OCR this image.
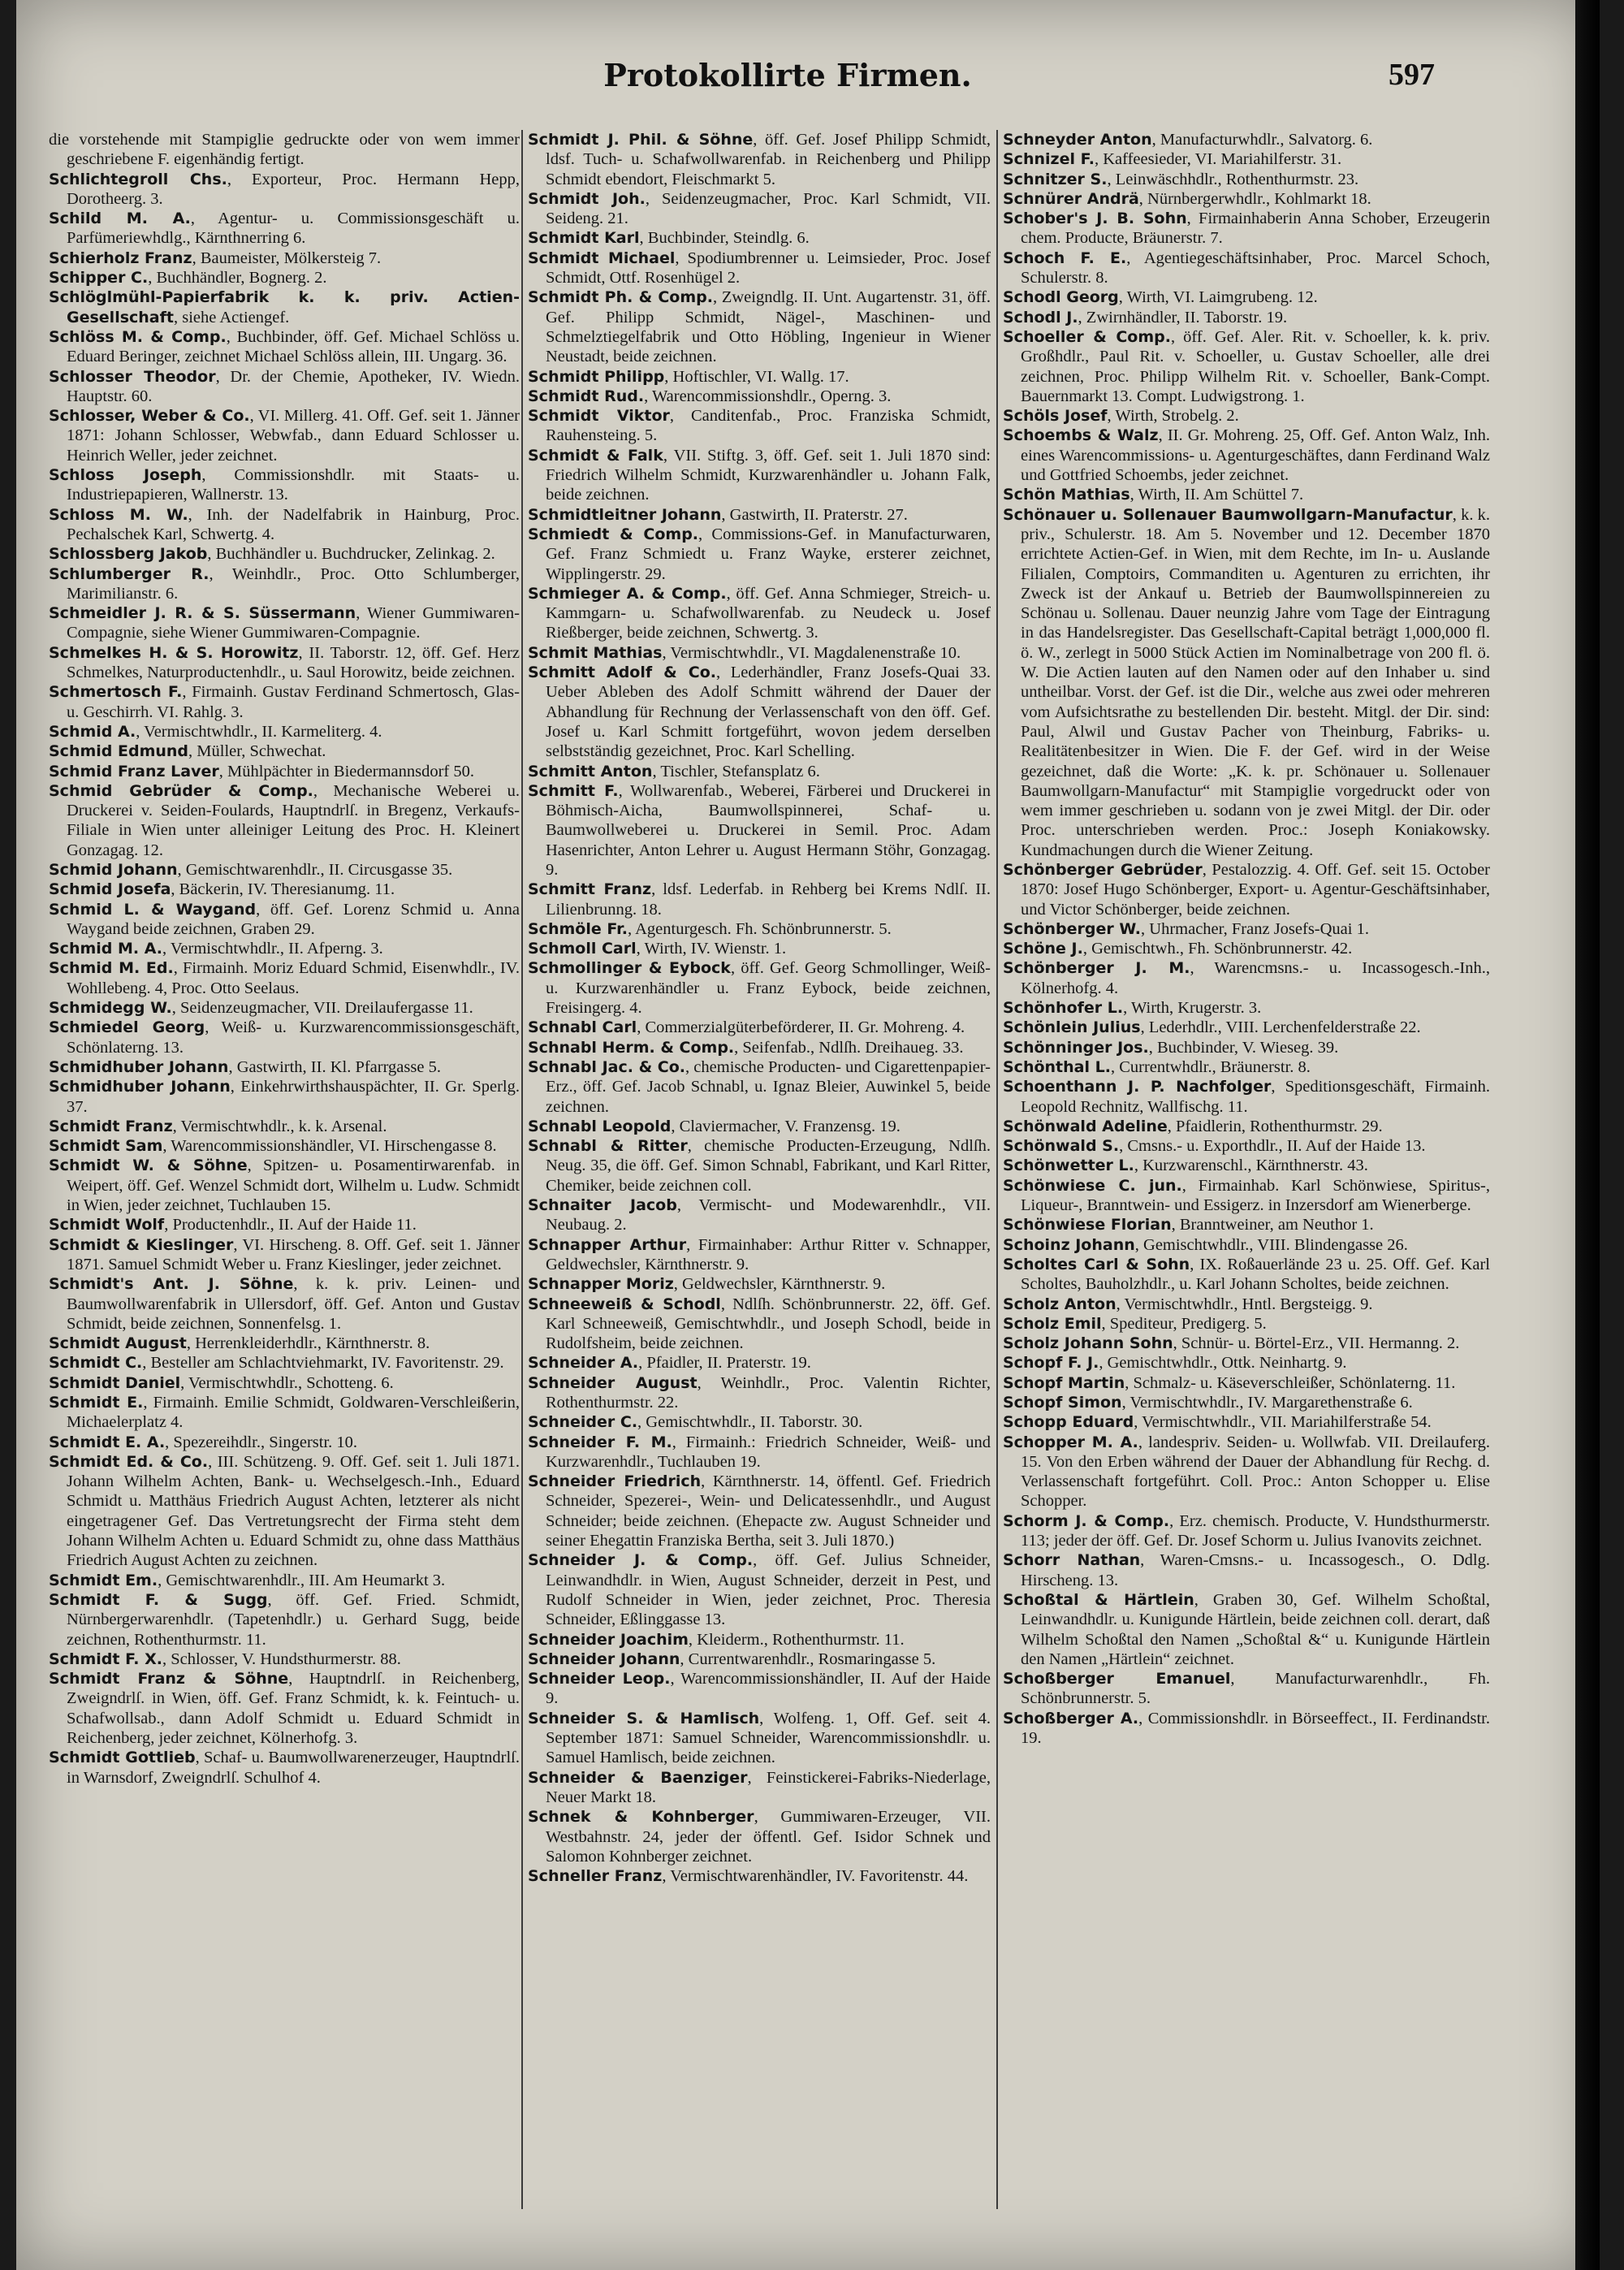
Protokollirte Firmen.	597

die vorstehende mit Stampiglie gedruckte oder von wem immer geschriebene F. eigenhändig fertigt.

Schlichtegroll Chs., Exporteur, Proc. Hermann Hepp, Dorotheerg. 3.

Schild M. A., Agentur- u. Commissionsgeschäft u. Parfümeriewhdlg., Kärnthnerring 6.

Schierholz Franz, Baumeister, Mölkersteig 7.

Schipper C., Buchhändler, Bognerg. 2.

Schlöglmühl-Papierfabrik k. k. priv. Actien-Gesellschaft, siehe Actiengef.

Schlöss M. & Comp., Buchbinder, öff. Gef. Michael Schlöss u. Eduard Beringer, zeichnet Michael Schlöss allein, III. Ungarg. 36.

Schlosser Theodor, Dr. der Chemie, Apotheker, IV. Wiedn. Hauptstr. 60.

Schlosser, Weber & Co., VI. Millerg. 41. Off. Gef. seit 1. Jänner 1871: Johann Schlosser, Webwfab., dann Eduard Schlosser u. Heinrich Weller, jeder zeichnet.

Schloss Joseph, Commissionshdlr. mit Staats- u. Industriepapieren, Wallnerstr. 13.

Schloss M. W., Inh. der Nadelfabrik in Hainburg, Proc. Pechalschek Karl, Schwertg. 4.

Schlossberg Jakob, Buchhändler u. Buchdrucker, Zelinkag. 2.

Schlumberger R., Weinhdlr., Proc. Otto Schlumberger, Marimilianstr. 6.

Schmeidler J. R. & S. Süssermann, Wiener Gummiwaren-Compagnie, siehe Wiener Gummiwaren-Compagnie.

Schmelkes H. & S. Horowitz, II. Taborstr. 12, öff. Gef. Herz Schmelkes, Naturproductenhdlr., u. Saul Horowitz, beide zeichnen.

Schmertosch F., Firmainh. Gustav Ferdinand Schmertosch, Glas- u. Geschirrh. VI. Rahlg. 3.

Schmid A., Vermischtwhdlr., II. Karmeliterg. 4.

Schmid Edmund, Müller, Schwechat.

Schmid Franz Laver, Mühlpächter in Biedermannsdorf 50.

Schmid Gebrüder & Comp., Mechanische Weberei u. Druckerei v. Seiden-Foulards, Hauptndrlſ. in Bregenz, Verkaufs-Filiale in Wien unter alleiniger Leitung des Proc. H. Kleinert Gonzagag. 12.

Schmid Johann, Gemischtwarenhdlr., II. Circusgasse 35.

Schmid Josefa, Bäckerin, IV. Theresianumg. 11.

Schmid L. & Waygand, öff. Gef. Lorenz Schmid u. Anna Waygand beide zeichnen, Graben 29.

Schmid M. A., Vermischtwhdlr., II. Afperng. 3.

Schmid M. Ed., Firmainh. Moriz Eduard Schmid, Eisenwhdlr., IV. Wohllebeng. 4, Proc. Otto Seelaus.

Schmidegg W., Seidenzeugmacher, VII. Dreilaufergasse 11.

Schmiedel Georg, Weiß- u. Kurzwarencommissionsgeschäft, Schönlaterng. 13.

Schmidhuber Johann, Gastwirth, II. Kl. Pfarrgasse 5.

Schmidhuber Johann, Einkehrwirthshauspächter, II. Gr. Sperlg. 37.

Schmidt Franz, Vermischtwhdlr., k. k. Arsenal.

Schmidt Sam, Warencommissionshändler, VI. Hirschengasse 8.

Schmidt W. & Söhne, Spitzen- u. Posamentirwarenfab. in Weipert, öff. Gef. Wenzel Schmidt dort, Wilhelm u. Ludw. Schmidt in Wien, jeder zeichnet, Tuchlauben 15.

Schmidt Wolf, Productenhdlr., II. Auf der Haide 11.

Schmidt & Kieslinger, VI. Hirscheng. 8. Off. Gef. seit 1. Jänner 1871. Samuel Schmidt Weber u. Franz Kieslinger, jeder zeichnet.

Schmidt's Ant. J. Söhne, k. k. priv. Leinen- und Baumwollwarenfabrik in Ullersdorf, öff. Gef. Anton und Gustav Schmidt, beide zeichnen, Sonnenfelsg. 1.

Schmidt August, Herrenkleiderhdlr., Kärnthnerstr. 8.

Schmidt C., Besteller am Schlachtviehmarkt, IV. Favoritenstr. 29.

Schmidt Daniel, Vermischtwhdlr., Schotteng. 6.

Schmidt E., Firmainh. Emilie Schmidt, Goldwaren-Verschleißerin, Michaelerplatz 4.

Schmidt E. A., Spezereihdlr., Singerstr. 10.

Schmidt Ed. & Co., III. Schützeng. 9. Off. Gef. seit 1. Juli 1871. Johann Wilhelm Achten, Bank- u. Wechselgesch.-Inh., Eduard Schmidt u. Matthäus Friedrich August Achten, letzterer als nicht eingetragener Gef. Das Vertretungsrecht der Firma steht dem Johann Wilhelm Achten u. Eduard Schmidt zu, ohne dass Matthäus Friedrich August Achten zu zeichnen.

Schmidt Em., Gemischtwarenhdlr., III. Am Heumarkt 3.

Schmidt F. & Sugg, öff. Gef. Fried. Schmidt, Nürnbergerwarenhdlr. (Tapetenhdlr.) u. Gerhard Sugg, beide zeichnen, Rothenthurmstr. 11.

Schmidt F. X., Schlosser, V. Hundsthurmerstr. 88.

Schmidt Franz & Söhne, Hauptndrlſ. in Reichenberg, Zweigndrlſ. in Wien, öff. Gef. Franz Schmidt, k. k. Feintuch- u. Schafwollsab., dann Adolf Schmidt u. Eduard Schmidt in Reichenberg, jeder zeichnet, Kölnerhofg. 3.

Schmidt Gottlieb, Schaf- u. Baumwollwarenerzeuger, Hauptndrlſ. in Warnsdorf, Zweigndrlſ. Schulhof 4.

Schmidt J. Phil. & Söhne, öff. Gef. Josef Philipp Schmidt, ldsf. Tuch- u. Schafwollwarenfab. in Reichenberg und Philipp Schmidt ebendort, Fleischmarkt 5.

Schmidt Joh., Seidenzeugmacher, Proc. Karl Schmidt, VII. Seideng. 21.

Schmidt Karl, Buchbinder, Steindlg. 6.

Schmidt Michael, Spodiumbrenner u. Leimsieder, Proc. Josef Schmidt, Ottf. Rosenhügel 2.

Schmidt Ph. & Comp., Zweigndlg. II. Unt. Augartenstr. 31, öff. Gef. Philipp Schmidt, Nägel-, Maschinen- und Schmelztiegelfabrik und Otto Höbling, Ingenieur in Wiener Neustadt, beide zeichnen.

Schmidt Philipp, Hoftischler, VI. Wallg. 17.

Schmidt Rud., Warencommissionshdlr., Operng. 3.

Schmidt Viktor, Canditenfab., Proc. Franziska Schmidt, Rauhensteing. 5.

Schmidt & Falk, VII. Stiftg. 3, öff. Gef. seit 1. Juli 1870 sind: Friedrich Wilhelm Schmidt, Kurzwarenhändler u. Johann Falk, beide zeichnen.

Schmidtleitner Johann, Gastwirth, II. Praterstr. 27.

Schmiedt & Comp., Commissions-Gef. in Manufacturwaren, Gef. Franz Schmiedt u. Franz Wayke, ersterer zeichnet, Wipplingerstr. 29.

Schmieger A. & Comp., öff. Gef. Anna Schmieger, Streich- u. Kammgarn- u. Schafwollwarenfab. zu Neudeck u. Josef Rießberger, beide zeichnen, Schwertg. 3.

Schmit Mathias, Vermischtwhdlr., VI. Magdalenenstraße 10.

Schmitt Adolf & Co., Lederhändler, Franz Josefs-Quai 33. Ueber Ableben des Adolf Schmitt während der Dauer der Abhandlung für Rechnung der Verlassenschaft von den öff. Gef. Josef u. Karl Schmitt fortgeführt, wovon jedem derselben selbstständig gezeichnet, Proc. Karl Schelling.

Schmitt Anton, Tischler, Stefansplatz 6.

Schmitt F., Wollwarenfab., Weberei, Färberei und Druckerei in Böhmisch-Aicha, Baumwollspinnerei, Schaf- u. Baumwollweberei u. Druckerei in Semil. Proc. Adam Hasenrichter, Anton Lehrer u. August Hermann Stöhr, Gonzagag. 9.

Schmitt Franz, ldsf. Lederfab. in Rehberg bei Krems Ndlſ. II. Lilienbrunng. 18.

Schmöle Fr., Agenturgesch. Fh. Schönbrunnerstr. 5.

Schmoll Carl, Wirth, IV. Wienstr. 1.

Schmollinger & Eybock, öff. Gef. Georg Schmollinger, Weiß- u. Kurzwarenhändler u. Franz Eybock, beide zeichnen, Freisingerg. 4.

Schnabl Carl, Commerzialgüterbeförderer, II. Gr. Mohreng. 4.

Schnabl Herm. & Comp., Seifenfab., Ndlſh. Dreihaueg. 33.

Schnabl Jac. & Co., chemische Producten- und Cigarettenpapier-Erz., öff. Gef. Jacob Schnabl, u. Ignaz Bleier, Auwinkel 5, beide zeichnen.

Schnabl Leopold, Claviermacher, V. Franzensg. 19.

Schnabl & Ritter, chemische Producten-Erzeugung, Ndlſh. Neug. 35, die öff. Gef. Simon Schnabl, Fabrikant, und Karl Ritter, Chemiker, beide zeichnen coll.

Schnaiter Jacob, Vermischt- und Modewarenhdlr., VII. Neubaug. 2.

Schnapper Arthur, Firmainhaber: Arthur Ritter v. Schnapper, Geldwechsler, Kärnthnerstr. 9.

Schnapper Moriz, Geldwechsler, Kärnthnerstr. 9.

Schneeweiß & Schodl, Ndlſh. Schönbrunnerstr. 22, öff. Gef. Karl Schneeweiß, Gemischtwhdlr., und Joseph Schodl, beide in Rudolfsheim, beide zeichnen.

Schneider A., Pfaidler, II. Praterstr. 19.

Schneider August, Weinhdlr., Proc. Valentin Richter, Rothenthurmstr. 22.

Schneider C., Gemischtwhdlr., II. Taborstr. 30.

Schneider F. M., Firmainh.: Friedrich Schneider, Weiß- und Kurzwarenhdlr., Tuchlauben 19.

Schneider Friedrich, Kärnthnerstr. 14, öffentl. Gef. Friedrich Schneider, Spezerei-, Wein- und Delicatessenhdlr., und August Schneider; beide zeichnen. (Ehepacte zw. August Schneider und seiner Ehegattin Franziska Bertha, seit 3. Juli 1870.)

Schneider J. & Comp., öff. Gef. Julius Schneider, Leinwandhdlr. in Wien, August Schneider, derzeit in Pest, und Rudolf Schneider in Wien, jeder zeichnet, Proc. Theresia Schneider, Eßlinggasse 13.

Schneider Joachim, Kleiderm., Rothenthurmstr. 11.

Schneider Johann, Currentwarenhdlr., Rosmaringasse 5.

Schneider Leop., Warencommissionshändler, II. Auf der Haide 9.

Schneider S. & Hamlisch, Wolfeng. 1, Off. Gef. seit 4. September 1871: Samuel Schneider, Warencommissionshdlr. u. Samuel Hamlisch, beide zeichnen.

Schneider & Baenziger, Feinstickerei-Fabriks-Niederlage, Neuer Markt 18.

Schnek & Kohnberger, Gummiwaren-Erzeuger, VII. Westbahnstr. 24, jeder der öffentl. Gef. Isidor Schnek und Salomon Kohnberger zeichnet.

Schneller Franz, Vermischtwarenhändler, IV. Favoritenstr. 44.

Schneyder Anton, Manufacturwhdlr., Salvatorg. 6.

Schnizel F., Kaffeesieder, VI. Mariahilferstr. 31.

Schnitzer S., Leinwäschhdlr., Rothenthurmstr. 23.

Schnürer Andrä, Nürnbergerwhdlr., Kohlmarkt 18.

Schober's J. B. Sohn, Firmainhaberin Anna Schober, Erzeugerin chem. Producte, Bräunerstr. 7.

Schoch F. E., Agentiegeschäftsinhaber, Proc. Marcel Schoch, Schulerstr. 8.

Schodl Georg, Wirth, VI. Laimgrubeng. 12.

Schodl J., Zwirnhändler, II. Taborstr. 19.

Schoeller & Comp., öff. Gef. Aler. Rit. v. Schoeller, k. k. priv. Großhdlr., Paul Rit. v. Schoeller, u. Gustav Schoeller, alle drei zeichnen, Proc. Philipp Wilhelm Rit. v. Schoeller, Bank-Compt. Bauernmarkt 13. Compt. Ludwigstrong. 1.

Schöls Josef, Wirth, Strobelg. 2.

Schoembs & Walz, II. Gr. Mohreng. 25, Off. Gef. Anton Walz, Inh. eines Warencommissions- u. Agenturgeschäftes, dann Ferdinand Walz und Gottfried Schoembs, jeder zeichnet.

Schön Mathias, Wirth, II. Am Schüttel 7.

Schönauer u. Sollenauer Baumwollgarn-Manufactur, k. k. priv., Schulerstr. 18. Am 5. November und 12. December 1870 errichtete Actien-Gef. in Wien, mit dem Rechte, im In- u. Auslande Filialen, Comptoirs, Commanditen u. Agenturen zu errichten, ihr Zweck ist der Ankauf u. Betrieb der Baumwollspinnereien zu Schönau u. Sollenau. Dauer neunzig Jahre vom Tage der Eintragung in das Handelsregister. Das Gesellschaft-Capital beträgt 1,000,000 fl. ö. W., zerlegt in 5000 Stück Actien im Nominalbetrage von 200 fl. ö. W. Die Actien lauten auf den Namen oder auf den Inhaber u. sind untheilbar. Vorst. der Gef. ist die Dir., welche aus zwei oder mehreren vom Aufsichtsrathe zu bestellenden Dir. besteht. Mitgl. der Dir. sind: Paul, Alwil und Gustav Pacher von Theinburg, Fabriks- u. Realitätenbesitzer in Wien. Die F. der Gef. wird in der Weise gezeichnet, daß die Worte: „K. k. pr. Schönauer u. Sollenauer Baumwollgarn-Manufactur“ mit Stampiglie vorgedruckt oder von wem immer geschrieben u. sodann von je zwei Mitgl. der Dir. oder Proc. unterschrieben werden. Proc.: Joseph Koniakowsky. Kundmachungen durch die Wiener Zeitung.

Schönberger Gebrüder, Pestalozzig. 4. Off. Gef. seit 15. October 1870: Josef Hugo Schönberger, Export- u. Agentur-Geschäftsinhaber, und Victor Schönberger, beide zeichnen.

Schönberger W., Uhrmacher, Franz Josefs-Quai 1.

Schöne J., Gemischtwh., Fh. Schönbrunnerstr. 42.

Schönberger J. M., Warencmsns.- u. Incassogesch.-Inh., Kölnerhofg. 4.

Schönhofer L., Wirth, Krugerstr. 3.

Schönlein Julius, Lederhdlr., VIII. Lerchenfelderstraße 22.

Schönninger Jos., Buchbinder, V. Wieseg. 39.

Schönthal L., Currentwhdlr., Bräunerstr. 8.

Schoenthann J. P. Nachfolger, Speditionsgeschäft, Firmainh. Leopold Rechnitz, Wallfischg. 11.

Schönwald Adeline, Pfaidlerin, Rothenthurmstr. 29.

Schönwald S., Cmsns.- u. Exporthdlr., II. Auf der Haide 13.

Schönwetter L., Kurzwarenschl., Kärnthnerstr. 43.

Schönwiese C. jun., Firmainhab. Karl Schönwiese, Spiritus-, Liqueur-, Branntwein- und Essigerz. in Inzersdorf am Wienerberge.

Schönwiese Florian, Branntweiner, am Neuthor 1.

Schoinz Johann, Gemischtwhdlr., VIII. Blindengasse 26.

Scholtes Carl & Sohn, IX. Roßauerlände 23 u. 25. Off. Gef. Karl Scholtes, Bauholzhdlr., u. Karl Johann Scholtes, beide zeichnen.

Scholz Anton, Vermischtwhdlr., Hntl. Bergsteigg. 9.

Scholz Emil, Spediteur, Predigerg. 5.

Scholz Johann Sohn, Schnür- u. Börtel-Erz., VII. Hermanng. 2.

Schopf F. J., Gemischtwhdlr., Ottk. Neinhartg. 9.

Schopf Martin, Schmalz- u. Käseverschleißer, Schönlaterng. 11.

Schopf Simon, Vermischtwhdlr., IV. Margarethenstraße 6.

Schopp Eduard, Vermischtwhdlr., VII. Mariahilferstraße 54.

Schopper M. A., landespriv. Seiden- u. Wollwfab. VII. Dreilauferg. 15. Von den Erben während der Dauer der Abhandlung für Rechg. d. Verlassenschaft fortgeführt. Coll. Proc.: Anton Schopper u. Elise Schopper.

Schorm J. & Comp., Erz. chemisch. Producte, V. Hundsthurmerstr. 113; jeder der öff. Gef. Dr. Josef Schorm u. Julius Ivanovits zeichnet.

Schorr Nathan, Waren-Cmsns.- u. Incassogesch., O. Ddlg. Hirscheng. 13.

Schoßtal & Härtlein, Graben 30, Gef. Wilhelm Schoßtal, Leinwandhdlr. u. Kunigunde Härtlein, beide zeichnen coll. derart, daß Wilhelm Schoßtal den Namen „Schoßtal &“ u. Kunigunde Härtlein den Namen „Härtlein“ zeichnet.

Schoßberger Emanuel, Manufacturwarenhdlr., Fh. Schönbrunnerstr. 5.

Schoßberger A., Commissionshdlr. in Börseeffect., II. Ferdinandstr. 19.
